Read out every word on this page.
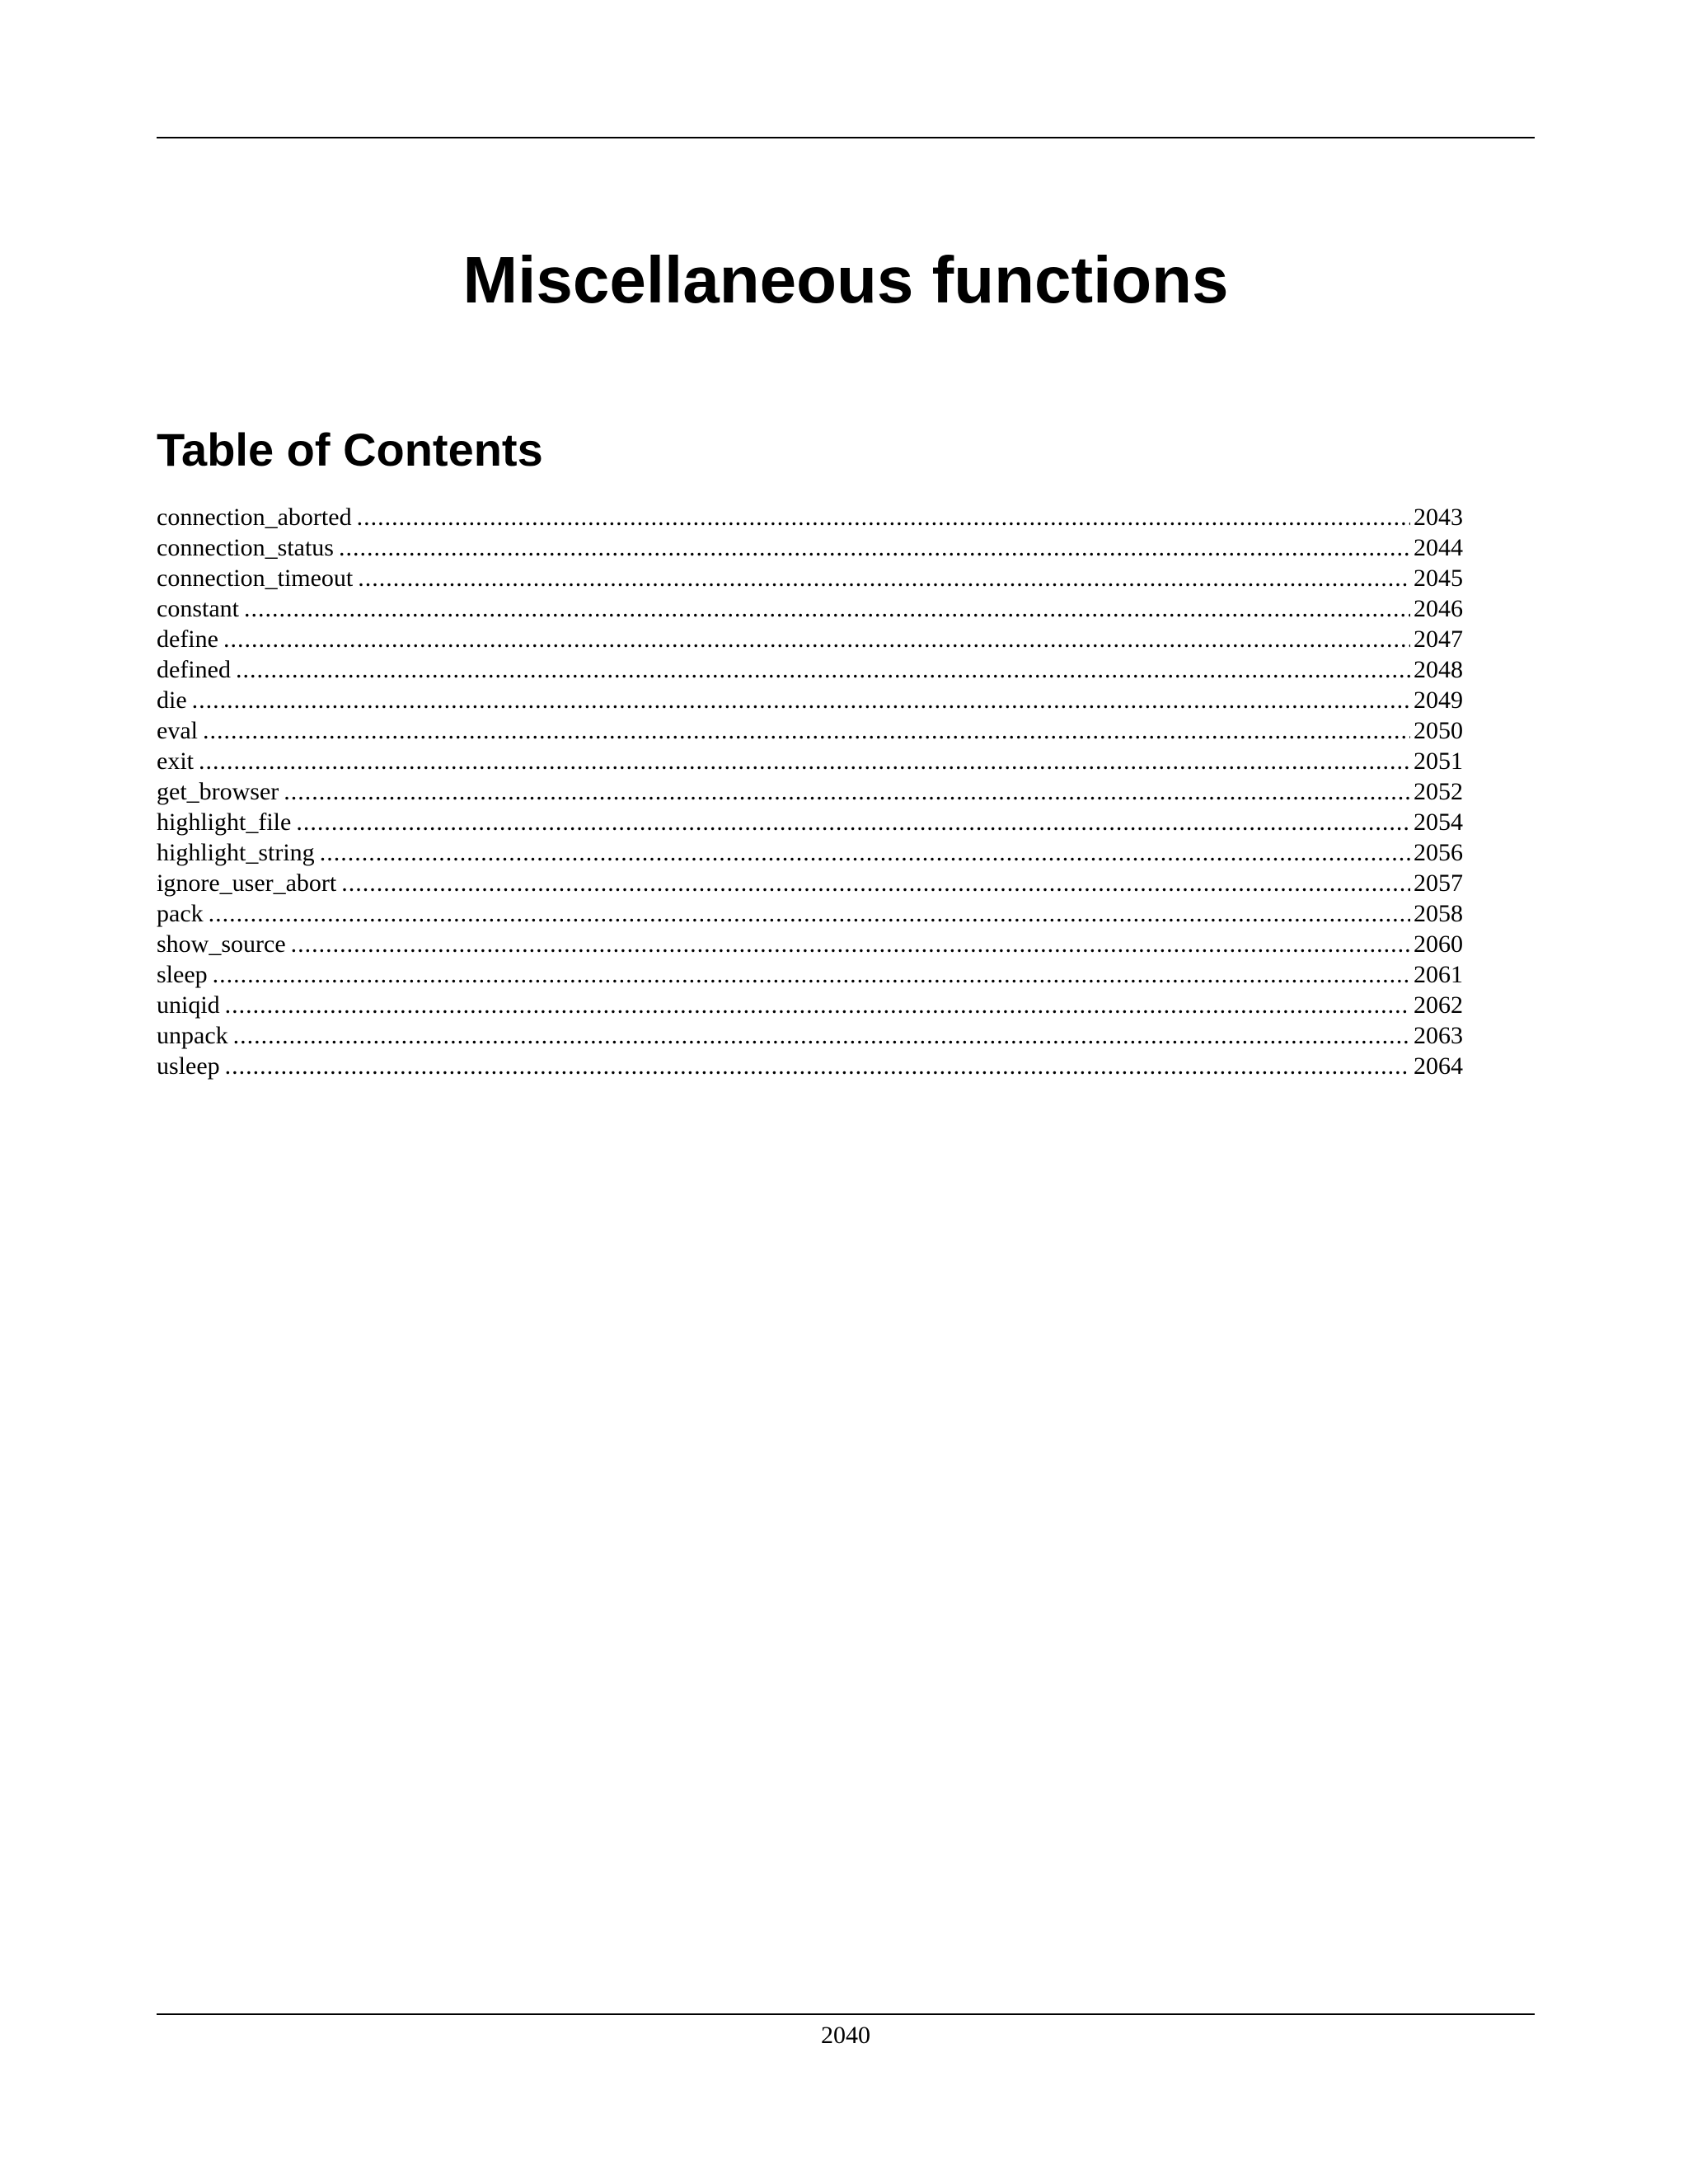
Miscellaneous functions
Table of Contents
connection_aborted .....	2043
connection_status .....	2044
connection_timeout .....	2045
constant .....	2046
define .....	2047
defined .....	2048
die .....	2049
eval .....	2050
exit .....	2051
get_browser .....	2052
highlight_file .....	2054
highlight_string .....	2056
ignore_user_abort .....	2057
pack .....	2058
show_source .....	2060
sleep .....	2061
uniqid .....	2062
unpack .....	2063
usleep .....	2064
2040
